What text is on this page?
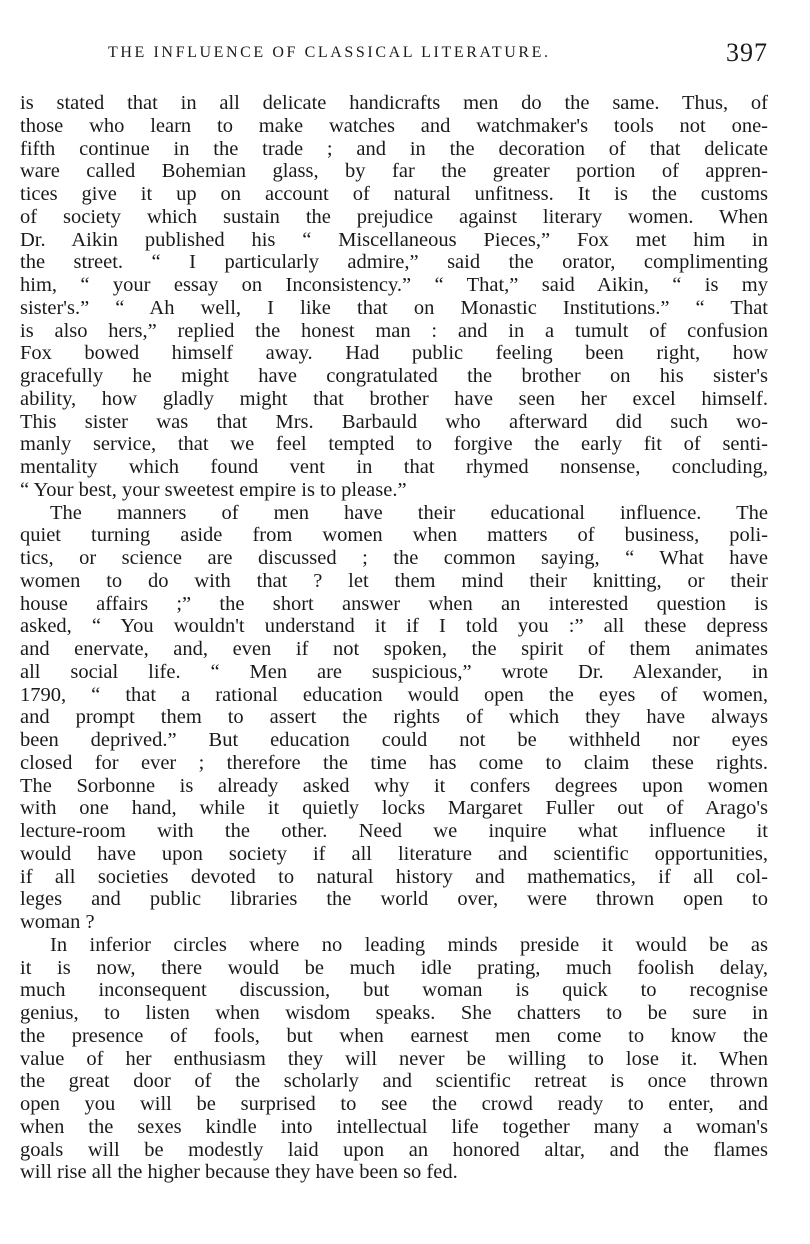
THE INFLUENCE OF CLASSICAL LITERATURE.	397
is stated that in all delicate handicrafts men do the same. Thus, of
those who learn to make watches and watchmaker's tools not one-
fifth continue in the trade ; and in the decoration of that delicate
ware called Bohemian glass, by far the greater portion of appren-
tices give it up on account of natural unfitness. It is the customs
of society which sustain the prejudice against literary women. When
Dr. Aikin published his “ Miscellaneous Pieces,” Fox met him in
the street. “ I particularly admire,” said the orator, complimenting
him, “ your essay on Inconsistency.” “ That,” said Aikin, “ is my
sister's.” “ Ah well, I like that on Monastic Institutions.” “ That
is also hers,” replied the honest man : and in a tumult of confusion
Fox bowed himself away. Had public feeling been right, how
gracefully he might have congratulated the brother on his sister's
ability, how gladly might that brother have seen her excel himself.
This sister was that Mrs. Barbauld who afterward did such wo-
manly service, that we feel tempted to forgive the early fit of senti-
mentality which found vent in that rhymed nonsense, concluding,
“ Your best, your sweetest empire is to please.”
The manners of men have their educational influence. The
quiet turning aside from women when matters of business, poli-
tics, or science are discussed ; the common saying, “ What have
women to do with that ? let them mind their knitting, or their
house affairs ;” the short answer when an interested question is
asked, “ You wouldn't understand it if I told you :” all these depress
and enervate, and, even if not spoken, the spirit of them animates
all social life. “ Men are suspicious,” wrote Dr. Alexander, in
1790, “ that a rational education would open the eyes of women,
and prompt them to assert the rights of which they have always
been deprived.” But education could not be withheld nor eyes
closed for ever ; therefore the time has come to claim these rights.
The Sorbonne is already asked why it confers degrees upon women
with one hand, while it quietly locks Margaret Fuller out of Arago's
lecture-room with the other. Need we inquire what influence it
would have upon society if all literature and scientific opportunities,
if all societies devoted to natural history and mathematics, if all col-
leges and public libraries the world over, were thrown open to
woman ?
In inferior circles where no leading minds preside it would be as
it is now, there would be much idle prating, much foolish delay,
much inconsequent discussion, but woman is quick to recognise
genius, to listen when wisdom speaks. She chatters to be sure in
the presence of fools, but when earnest men come to know the
value of her enthusiasm they will never be willing to lose it. When
the great door of the scholarly and scientific retreat is once thrown
open you will be surprised to see the crowd ready to enter, and
when the sexes kindle into intellectual life together many a woman's
goals will be modestly laid upon an honored altar, and the flames
will rise all the higher because they have been so fed.
